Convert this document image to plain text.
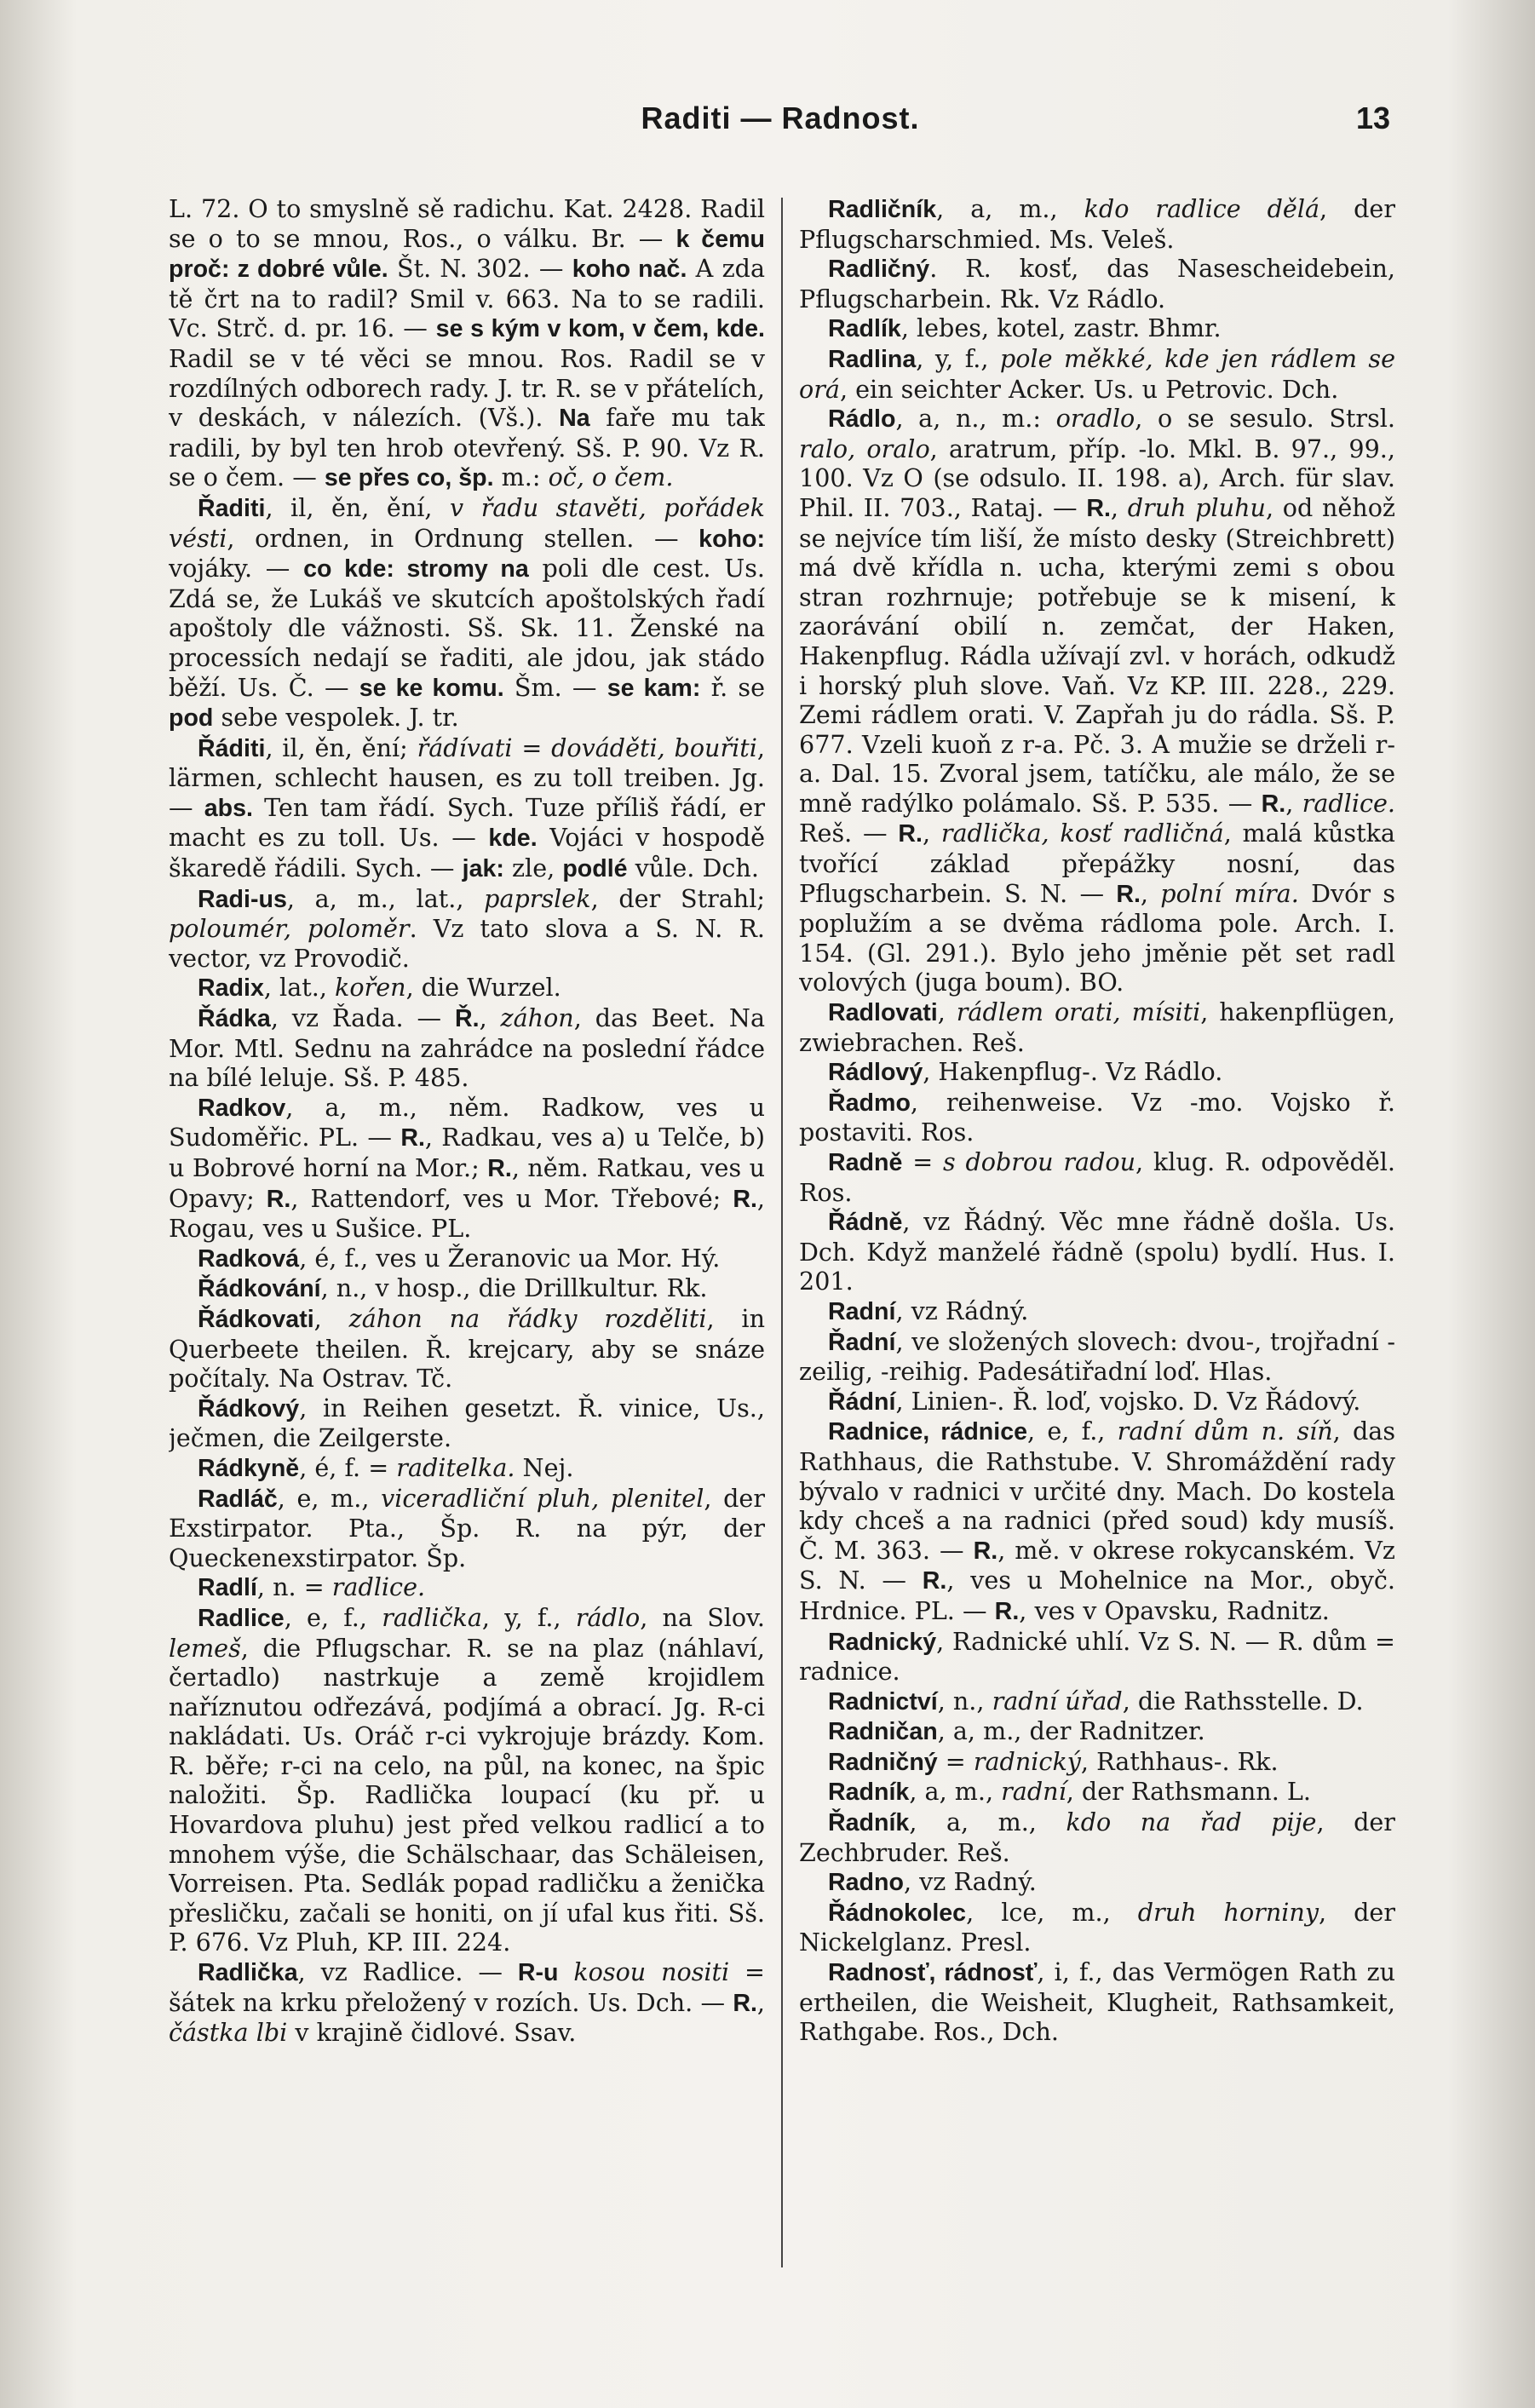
Raditi — Radnost.	13

L. 72. O to smyslně sě radichu. Kat. 2428. Radil se o to se mnou, Ros., o válku. Br. — k čemu proč: z dobré vůle. Št. N. 302. — koho nač. A zda tě črt na to radil? Smil v. 663. Na to se radili. Vc. Strč. d. pr. 16. — se s kým v kom, v čem, kde. Radil se v té věci se mnou. Ros. Radil se v rozdílných odborech rady. J. tr. R. se v přátelích, v deskách, v nálezích. (Vš.). Na faře mu tak radili, by byl ten hrob otevřený. Sš. P. 90. Vz R. se o čem. — se přes co, šp. m.: oč, o čem.

Řaditi, il, ěn, ění, v řadu stavěti, pořádek vésti, ordnen, in Ordnung stellen. — koho: vojáky. — co kde: stromy na poli dle cest. Us. Zdá se, že Lukáš ve skutcích apoštolských řadí apoštoly dle vážnosti. Sš. Sk. 11. Ženské na processích nedají se řaditi, ale jdou, jak stádo běží. Us. Č. — se ke komu. Šm. — se kam: ř. se pod sebe vespolek. J. tr.

Řáditi, il, ěn, ění; řádívati = dováděti, bouřiti, lärmen, schlecht hausen, es zu toll treiben. Jg. — abs. Ten tam řádí. Sych. Tuze příliš řádí, er macht es zu toll. Us. — kde. Vojáci v hospodě škaredě řádili. Sych. — jak: zle, podlé vůle. Dch.

Radi-us, a, m., lat., paprslek, der Strahl; poloumér, poloměr. Vz tato slova a S. N. R. vector, vz Provodič.

Radix, lat., kořen, die Wurzel.

Řádka, vz Řada. — Ř., záhon, das Beet. Na Mor. Mtl. Sednu na zahrádce na poslední řádce na bílé leluje. Sš. P. 485.

Radkov, a, m., něm. Radkow, ves u Sudoměřic. PL. — R., Radkau, ves a) u Telče, b) u Bobrové horní na Mor.; R., něm. Ratkau, ves u Opavy; R., Rattendorf, ves u Mor. Třebové; R., Rogau, ves u Sušice. PL.

Radková, é, f., ves u Žeranovic ua Mor. Hý.

Řádkování, n., v hosp., die Drillkultur. Rk.

Řádkovati, záhon na řádky rozděliti, in Querbeete theilen. Ř. krejcary, aby se snáze počítaly. Na Ostrav. Tč.

Řádkový, in Reihen gesetzt. Ř. vinice, Us., ječmen, die Zeilgerste.

Rádkyně, é, f. = raditelka. Nej.

Radláč, e, m., viceradliční pluh, plenitel, der Exstirpator. Pta., Šp. R. na pýr, der Queckenexstirpator. Šp.

Radlí, n. = radlice.

Radlice, e, f., radlička, y, f., rádlo, na Slov. lemeš, die Pflugschar. R. se na plaz (náhlaví, čertadlo) nastrkuje a země krojidlem naříznutou odřezává, podjímá a obrací. Jg. R-ci nakládati. Us. Oráč r-ci vykrojuje brázdy. Kom. R. běře; r-ci na celo, na půl, na konec, na špic naložiti. Šp. Radlička loupací (ku př. u Hovardova pluhu) jest před velkou radlicí a to mnohem výše, die Schälschaar, das Schäleisen, Vorreisen. Pta. Sedlák popad radličku a ženička přesličku, začali se honiti, on jí ufal kus řiti. Sš. P. 676. Vz Pluh, KP. III. 224.

Radlička, vz Radlice. — R-u kosou nositi = šátek na krku přeložený v rozích. Us. Dch. — R., částka lbi v krajině čidlové. Ssav.

Radličník, a, m., kdo radlice dělá, der Pflugscharschmied. Ms. Veleš.

Radličný. R. kosť, das Nasescheidebein, Pflugscharbein. Rk. Vz Rádlo.

Radlík, lebes, kotel, zastr. Bhmr.

Radlina, y, f., pole měkké, kde jen rádlem se orá, ein seichter Acker. Us. u Petrovic. Dch.

Rádlo, a, n., m.: oradlo, o se sesulo. Strsl. ralo, oralo, aratrum, příp. -lo. Mkl. B. 97., 99., 100. Vz O (se odsulo. II. 198. a), Arch. für slav. Phil. II. 703., Rataj. — R., druh pluhu, od něhož se nejvíce tím liší, že místo desky (Streichbrett) má dvě křídla n. ucha, kterými zemi s obou stran rozhrnuje; potřebuje se k misení, k zaorávání obilí n. zemčat, der Haken, Hakenpflug. Rádla užívají zvl. v horách, odkudž i horský pluh slove. Vaň. Vz KP. III. 228., 229. Zemi rádlem orati. V. Zapřah ju do rádla. Sš. P. 677. Vzeli kuoň z r-a. Pč. 3. A mužie se drželi r-a. Dal. 15. Zvoral jsem, tatíčku, ale málo, že se mně radýlko polámalo. Sš. P. 535. — R., radlice. Reš. — R., radlička, kosť radličná, malá kůstka tvořící základ přepážky nosní, das Pflugscharbein. S. N. — R., polní míra. Dvór s poplužím a se dvěma rádloma pole. Arch. I. 154. (Gl. 291.). Bylo jeho jměnie pět set radl volových (juga boum). BO.

Radlovati, rádlem orati, mísiti, hakenpflügen, zwiebrachen. Reš.

Rádlový, Hakenpflug-. Vz Rádlo.

Řadmo, reihenweise. Vz -mo. Vojsko ř. postaviti. Ros.

Radně = s dobrou radou, klug. R. odpověděl. Ros.

Řádně, vz Řádný. Věc mne řádně došla. Us. Dch. Když manželé řádně (spolu) bydlí. Hus. I. 201.

Radní, vz Rádný.

Řadní, ve složených slovech: dvou-, trojřadní -zeilig, -reihig. Padesátiřadní loď. Hlas.

Řádní, Linien-. Ř. loď, vojsko. D. Vz Řádový.

Radnice, rádnice, e, f., radní dům n. síň, das Rathhaus, die Rathstube. V. Shromáždění rady bývalo v radnici v určité dny. Mach. Do kostela kdy chceš a na radnici (před soud) kdy musíš. Č. M. 363. — R., mě. v okrese rokycanském. Vz S. N. — R., ves u Mohelnice na Mor., obyč. Hrdnice. PL. — R., ves v Opavsku, Radnitz.

Radnický, Radnické uhlí. Vz S. N. — R. dům = radnice.

Radnictví, n., radní úřad, die Rathsstelle. D.

Radničan, a, m., der Radnitzer.

Radničný = radnický, Rathhaus-. Rk.

Radník, a, m., radní, der Rathsmann. L.

Řadník, a, m., kdo na řad pije, der Zechbruder. Reš.

Radno, vz Radný.

Řádnokolec, lce, m., druh horniny, der Nickelglanz. Presl.

Radnosť, rádnosť, i, f., das Vermögen Rath zu ertheilen, die Weisheit, Klugheit, Rathsamkeit, Rathgabe. Ros., Dch.
